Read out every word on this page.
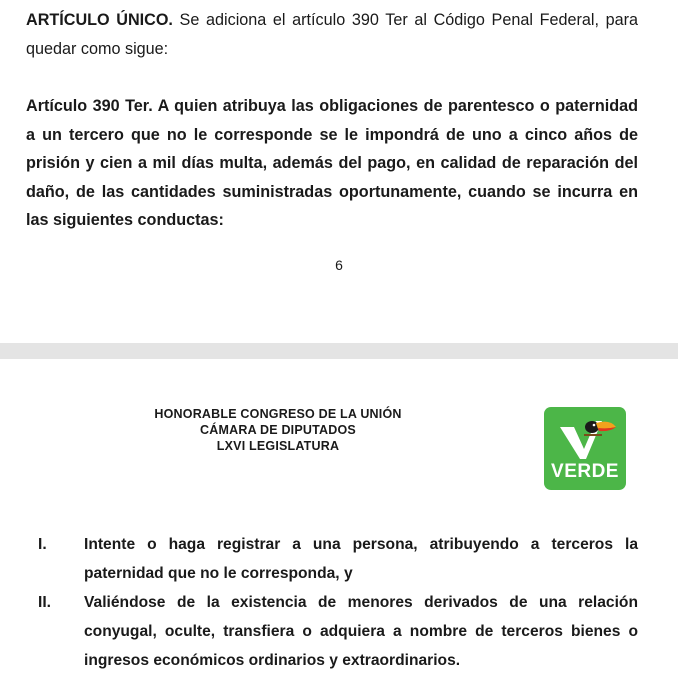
ARTÍCULO ÚNICO. Se adiciona el artículo 390 Ter al Código Penal Federal, para quedar como sigue:

Artículo 390 Ter. A quien atribuya las obligaciones de parentesco o paternidad a un tercero que no le corresponde se le impondrá de uno a cinco años de prisión y cien a mil días multa, además del pago, en calidad de reparación del daño, de las cantidades suministradas oportunamente, cuando se incurra en las siguientes conductas:

6
HONORABLE CONGRESO DE LA UNIÓN
CÁMARA DE DIPUTADOS
LXVI LEGISLATURA
VERDE
I. Intente o haga registrar a una persona, atribuyendo a terceros la paternidad que no le corresponda, y
II. Valiéndose de la existencia de menores derivados de una relación conyugal, oculte, transfiera o adquiera a nombre de terceros bienes o ingresos económicos ordinarios y extraordinarios.
